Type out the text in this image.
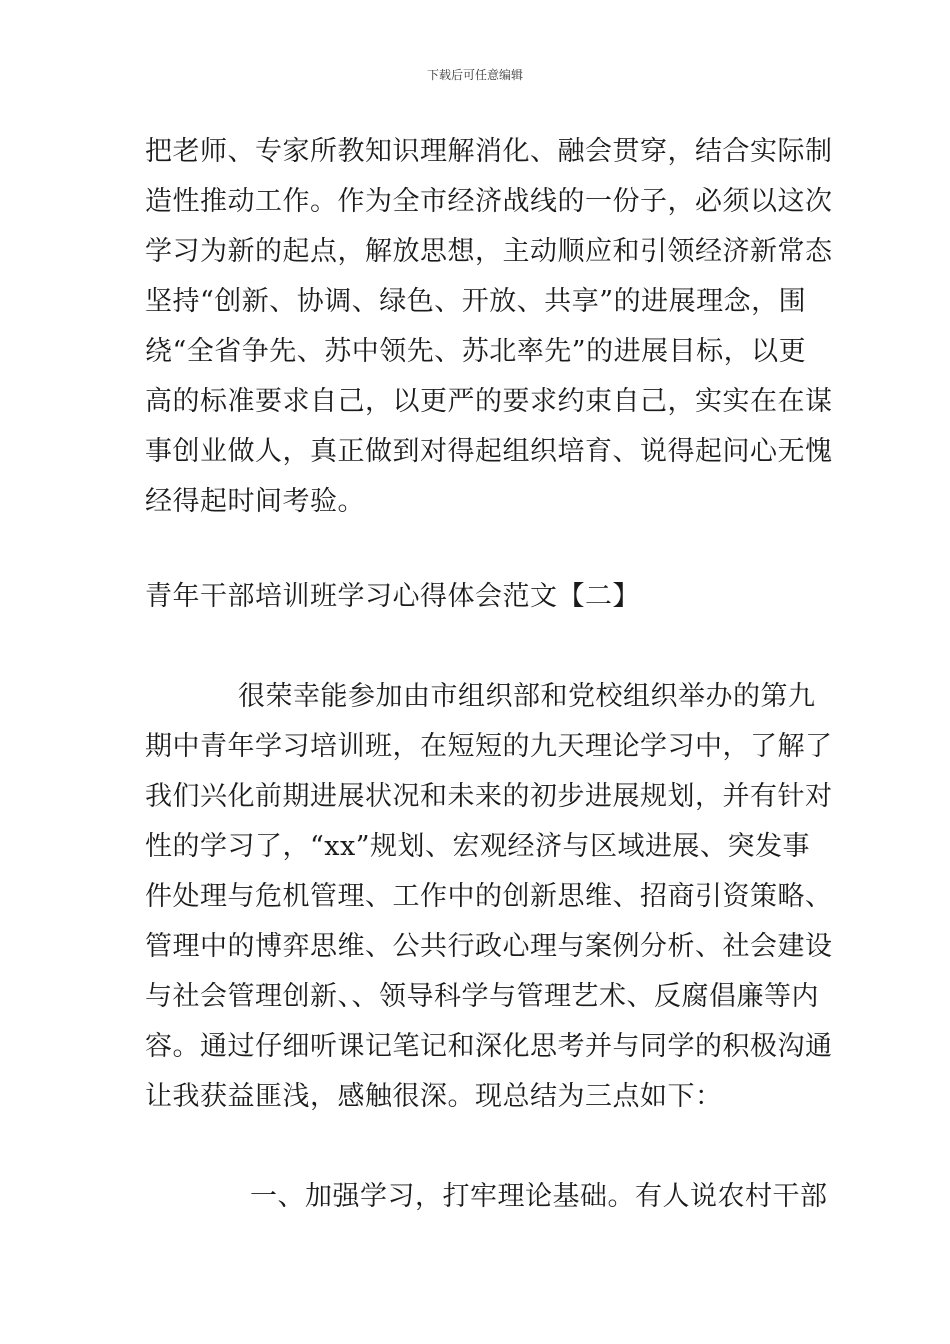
下载后可任意编辑
把老师、专家所教知识理解消化、融会贯穿，结合实际制
造性推动工作。作为全市经济战线的一份子，必须以这次
学习为新的起点，解放思想，主动顺应和引领经济新常态
坚持“创新、协调、绿色、开放、共享”的进展理念，围
绕“全省争先、苏中领先、苏北率先”的进展目标，以更
高的标准要求自己，以更严的要求约束自己，实实在在谋
事创业做人，真正做到对得起组织培育、说得起问心无愧
经得起时间考验。
青年干部培训班学习心得体会范文【二】
很荣幸能参加由市组织部和党校组织举办的第九
期中青年学习培训班，在短短的九天理论学习中，了解了
我们兴化前期进展状况和未来的初步进展规划，并有针对
性的学习了，“xx”规划、宏观经济与区域进展、突发事
件处理与危机管理、工作中的创新思维、招商引资策略、
管理中的博弈思维、公共行政心理与案例分析、社会建设
与社会管理创新、、领导科学与管理艺术、反腐倡廉等内
容。通过仔细听课记笔记和深化思考并与同学的积极沟通
让我获益匪浅，感触很深。现总结为三点如下：
一、加强学习，打牢理论基础。有人说农村干部
